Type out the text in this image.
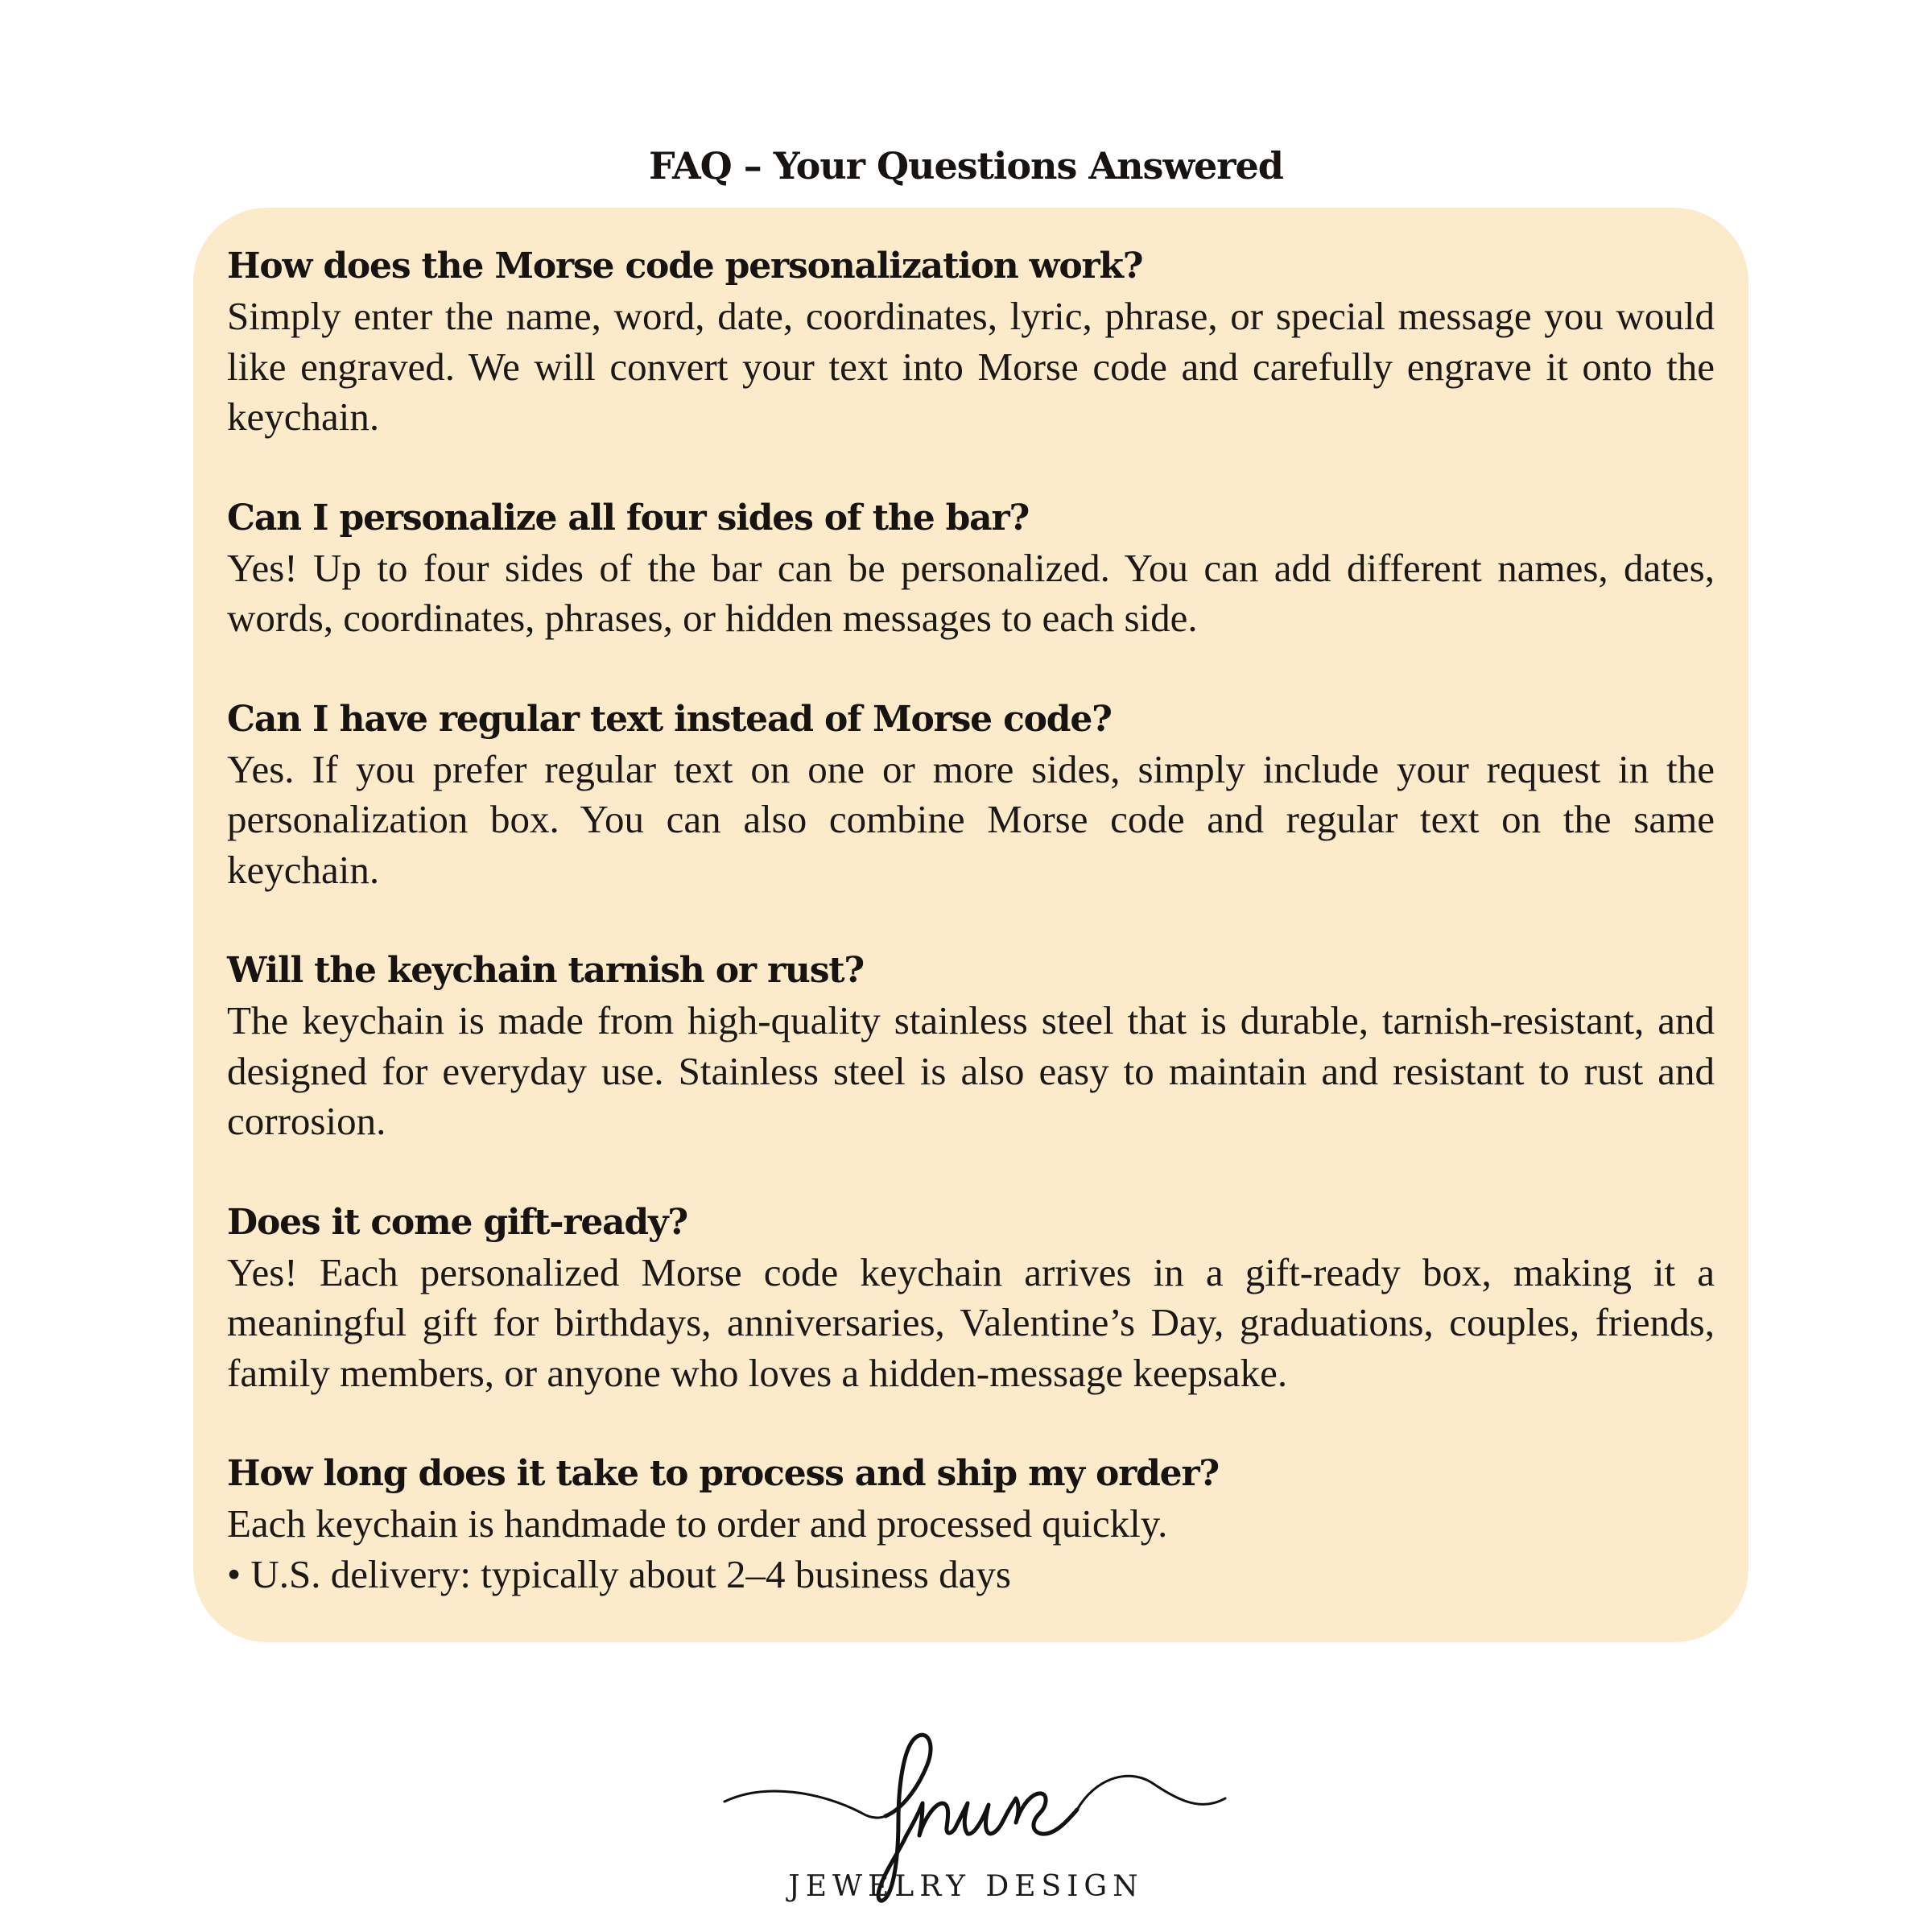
FAQ – Your Questions Answered

How does the Morse code personalization work?

Simply enter the name, word, date, coordinates, lyric, phrase, or special message you would like engraved. We will convert your text into Morse code and carefully engrave it onto the keychain.

Can I personalize all four sides of the bar?

Yes! Up to four sides of the bar can be personalized. You can add different names, dates, words, coordinates, phrases, or hidden messages to each side.

Can I have regular text instead of Morse code?

Yes. If you prefer regular text on one or more sides, simply include your request in the personalization box. You can also combine Morse code and regular text on the same keychain.

Will the keychain tarnish or rust?

The keychain is made from high-quality stainless steel that is durable, tarnish-resistant, and designed for everyday use. Stainless steel is also easy to maintain and resistant to rust and corrosion.

Does it come gift-ready?

Yes! Each personalized Morse code keychain arrives in a gift-ready box, making it a meaningful gift for birthdays, anniversaries, Valentine’s Day, graduations, couples, friends, family members, or anyone who loves a hidden-message keepsake.

How long does it take to process and ship my order?

Each keychain is handmade to order and processed quickly.

• U.S. delivery: typically about 2–4 business days

JEWELRY DESIGN
